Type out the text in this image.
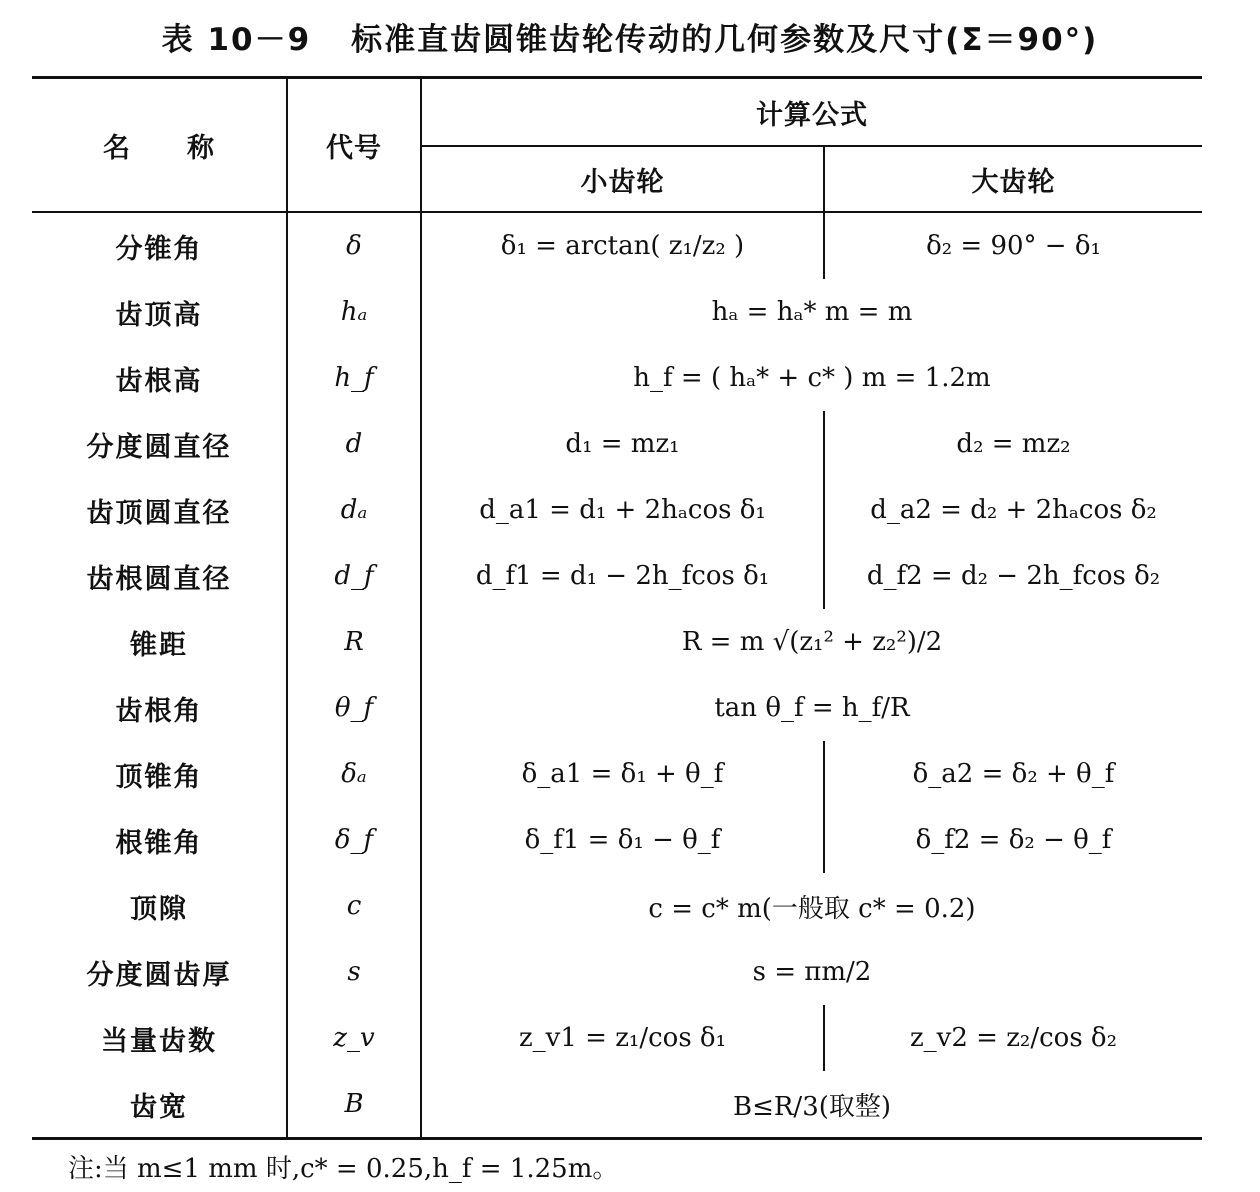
表 10－9 标准直齿圆锥齿轮传动的几何参数及尺寸(Σ＝90°)
名　　称	代号	计算公式	
		小齿轮	大齿轮
分锥角	δ	δ₁ = arctan( z₁/z₂ )	δ₂ = 90° − δ₁
齿顶高	hₐ	hₐ = hₐ* m = m	
齿根高	h_f	h_f = ( hₐ* + c* ) m = 1.2m	
分度圆直径	d	d₁ = mz₁	d₂ = mz₂
齿顶圆直径	dₐ	d_a1 = d₁ + 2hₐcos δ₁	d_a2 = d₂ + 2hₐcos δ₂
齿根圆直径	d_f	d_f1 = d₁ − 2h_fcos δ₁	d_f2 = d₂ − 2h_fcos δ₂
锥距	R	R = m √(z₁² + z₂²)/2	
齿根角	θ_f	tan θ_f = h_f/R	
顶锥角	δₐ	δ_a1 = δ₁ + θ_f	δ_a2 = δ₂ + θ_f
根锥角	δ_f	δ_f1 = δ₁ − θ_f	δ_f2 = δ₂ − θ_f
顶隙	c	c = c* m(一般取 c* = 0.2)	
分度圆齿厚	s	s = πm/2	
当量齿数	z_v	z_v1 = z₁/cos δ₁	z_v2 = z₂/cos δ₂
齿宽	B	B≤R/3(取整)	
注:当 m≤1 mm 时,c* = 0.25,h_f = 1.25m。
